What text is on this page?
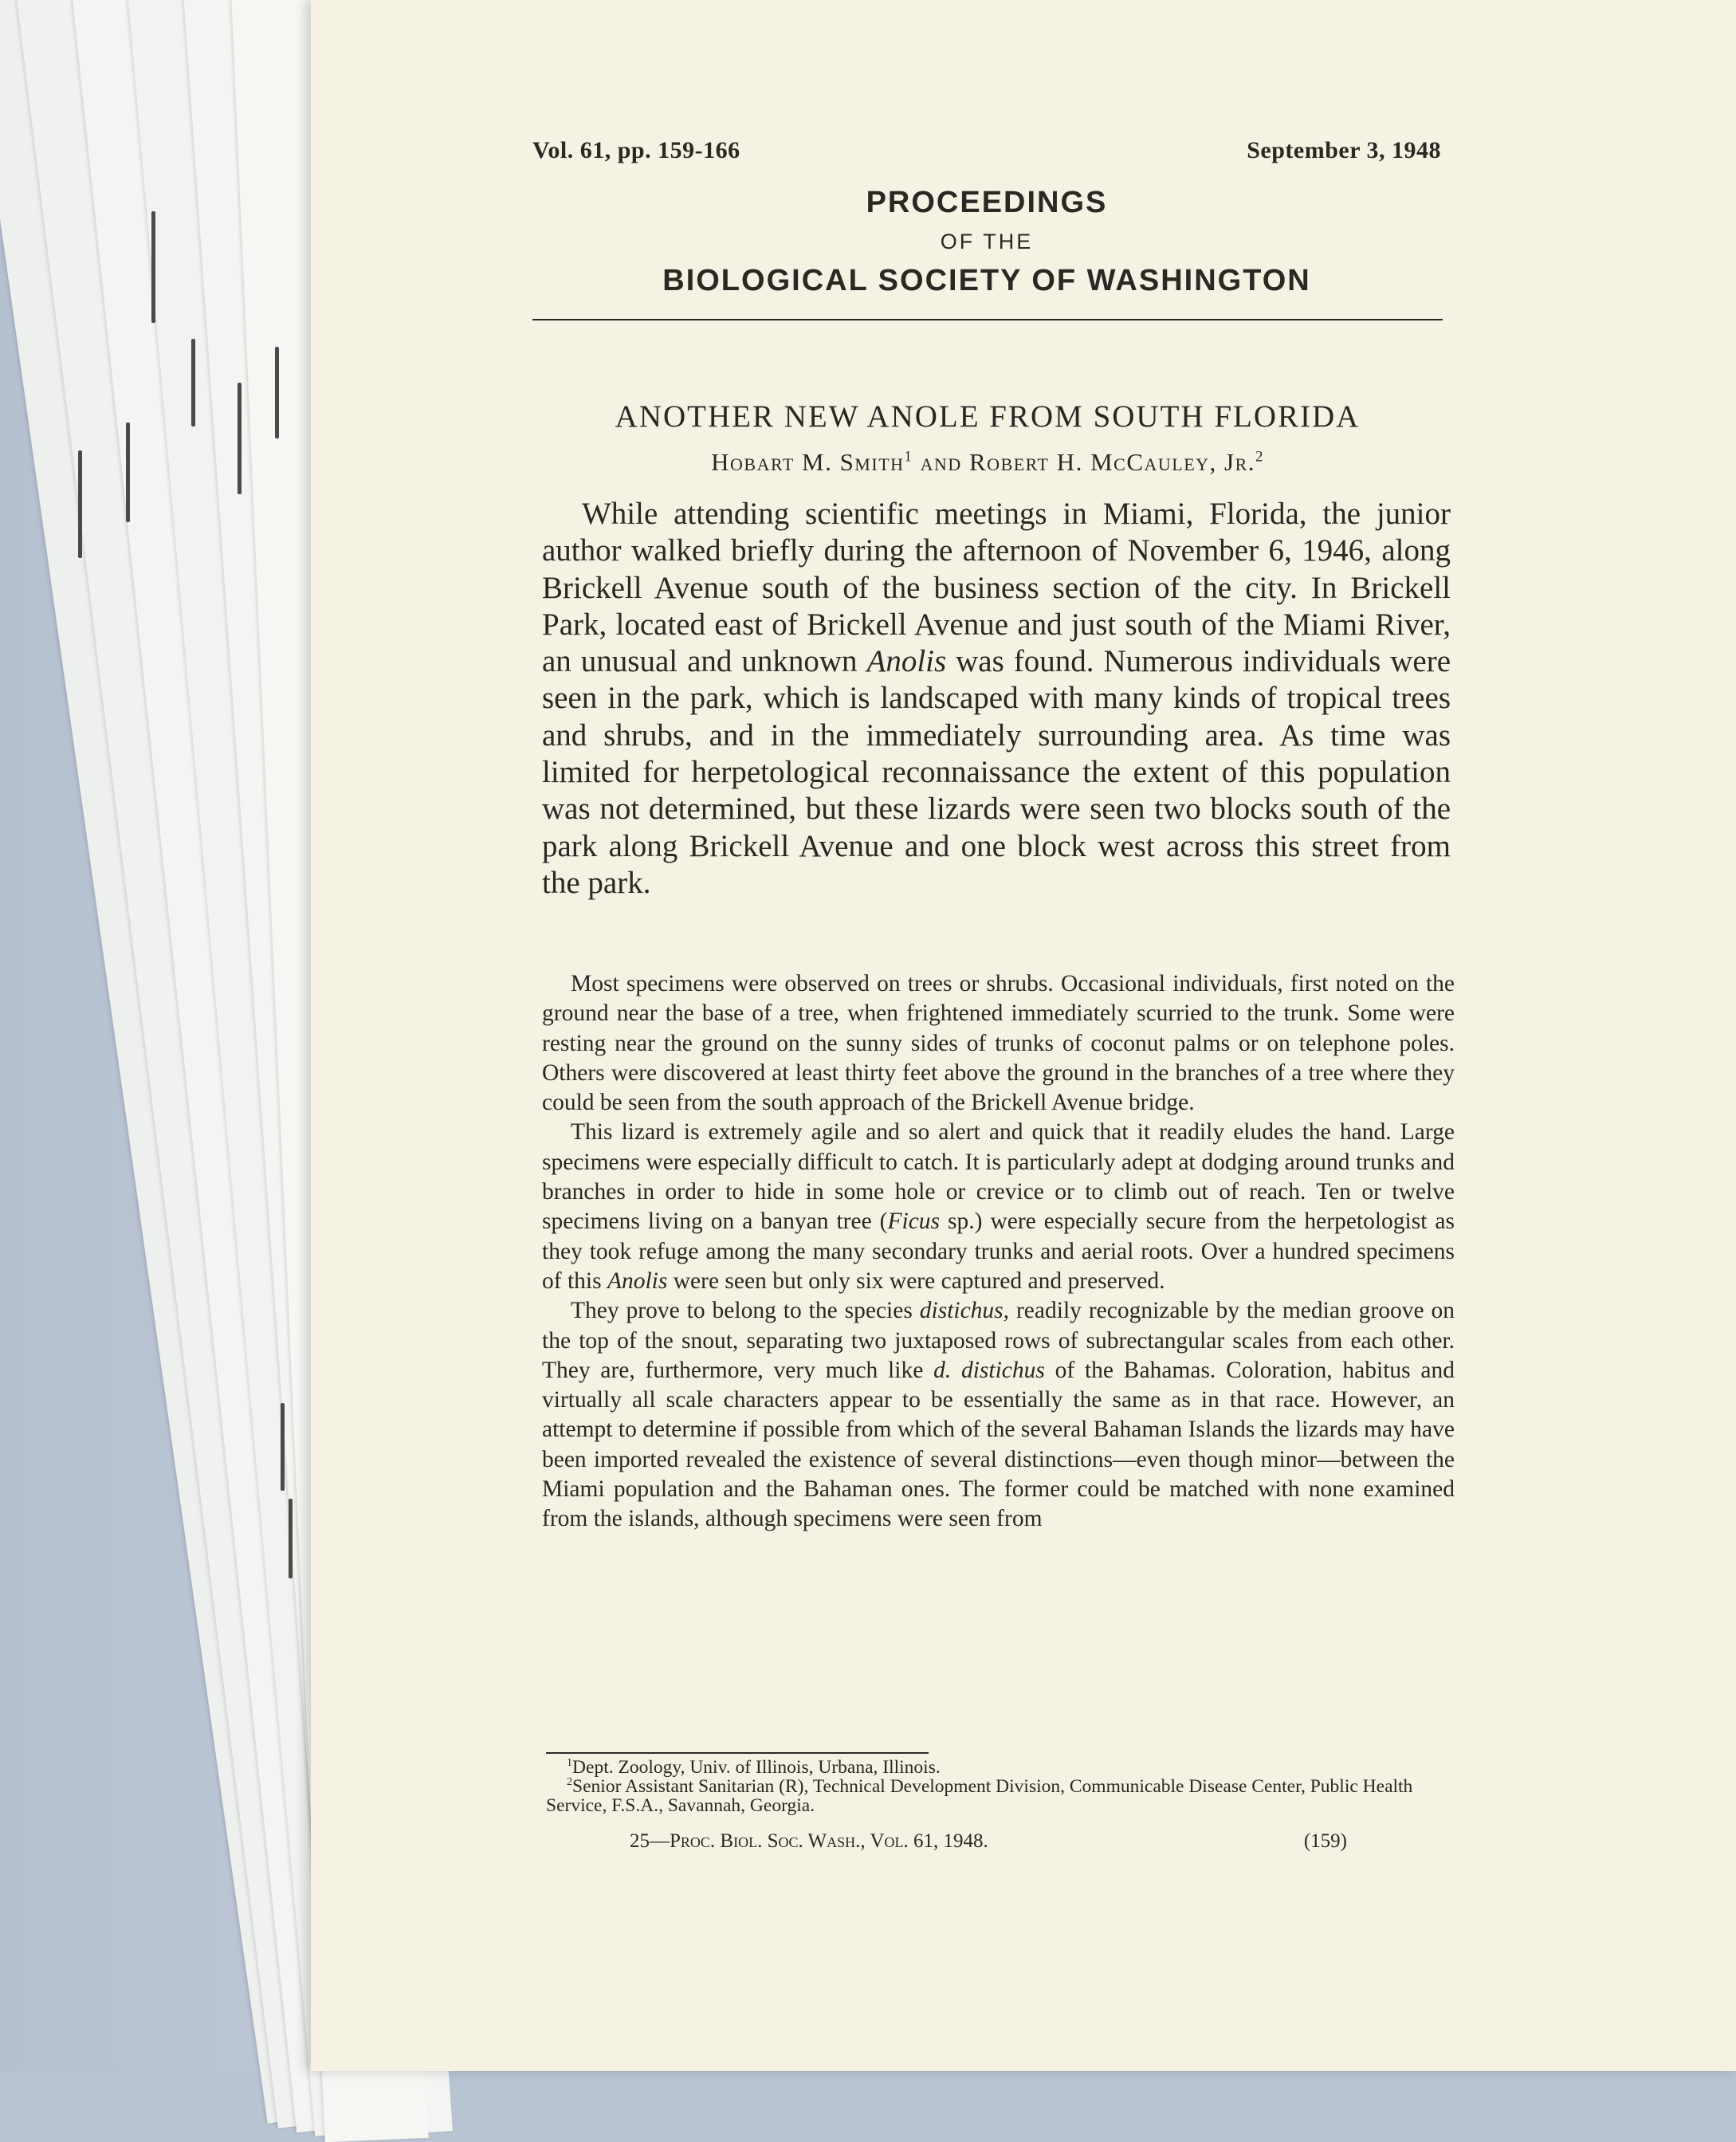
Vol. 61, pp. 159-166	September 3, 1948
PROCEEDINGS
OF THE
BIOLOGICAL SOCIETY OF WASHINGTON
ANOTHER NEW ANOLE FROM SOUTH FLORIDA
Hobart M. Smith$^1$ and Robert H. McCauley, Jr.$^2$

While attending scientific meetings in Miami, Florida, the junior author walked briefly during the afternoon of November 6, 1946, along Brickell Avenue south of the business section of the city. In Brickell Park, located east of Brickell Avenue and just south of the Miami River, an unusual and unknown Anolis was found. Numerous individuals were seen in the park, which is landscaped with many kinds of tropical trees and shrubs, and in the immediately surrounding area. As time was limited for herpetological reconnaissance the extent of this population was not determined, but these lizards were seen two blocks south of the park along Brickell Avenue and one block west across this street from the park.

Most specimens were observed on trees or shrubs. Occasional individuals, first noted on the ground near the base of a tree, when frightened immediately scurried to the trunk. Some were resting near the ground on the sunny sides of trunks of coconut palms or on telephone poles. Others were discovered at least thirty feet above the ground in the branches of a tree where they could be seen from the south approach of the Brickell Avenue bridge.

This lizard is extremely agile and so alert and quick that it readily eludes the hand. Large specimens were especially difficult to catch. It is particularly adept at dodging around trunks and branches in order to hide in some hole or crevice or to climb out of reach. Ten or twelve specimens living on a banyan tree (Ficus sp.) were especially secure from the herpetologist as they took refuge among the many secondary trunks and aerial roots. Over a hundred specimens of this Anolis were seen but only six were captured and preserved.

They prove to belong to the species distichus, readily recognizable by the median groove on the top of the snout, separating two juxtaposed rows of subrectangular scales from each other. They are, furthermore, very much like d. distichus of the Bahamas. Coloration, habitus and virtually all scale characters appear to be essentially the same as in that race. However, an attempt to determine if possible from which of the several Bahaman Islands the lizards may have been imported revealed the existence of several distinctions—even though minor—between the Miami population and the Bahaman ones. The former could be matched with none examined from the islands, although specimens were seen from

$^1$Dept. Zoology, Univ. of Illinois, Urbana, Illinois.

$^2$Senior Assistant Sanitarian (R), Technical Development Division, Communicable Disease Center, Public Health Service, F.S.A., Savannah, Georgia.

25—Proc. Biol. Soc. Wash., Vol. 61, 1948.	(159)
